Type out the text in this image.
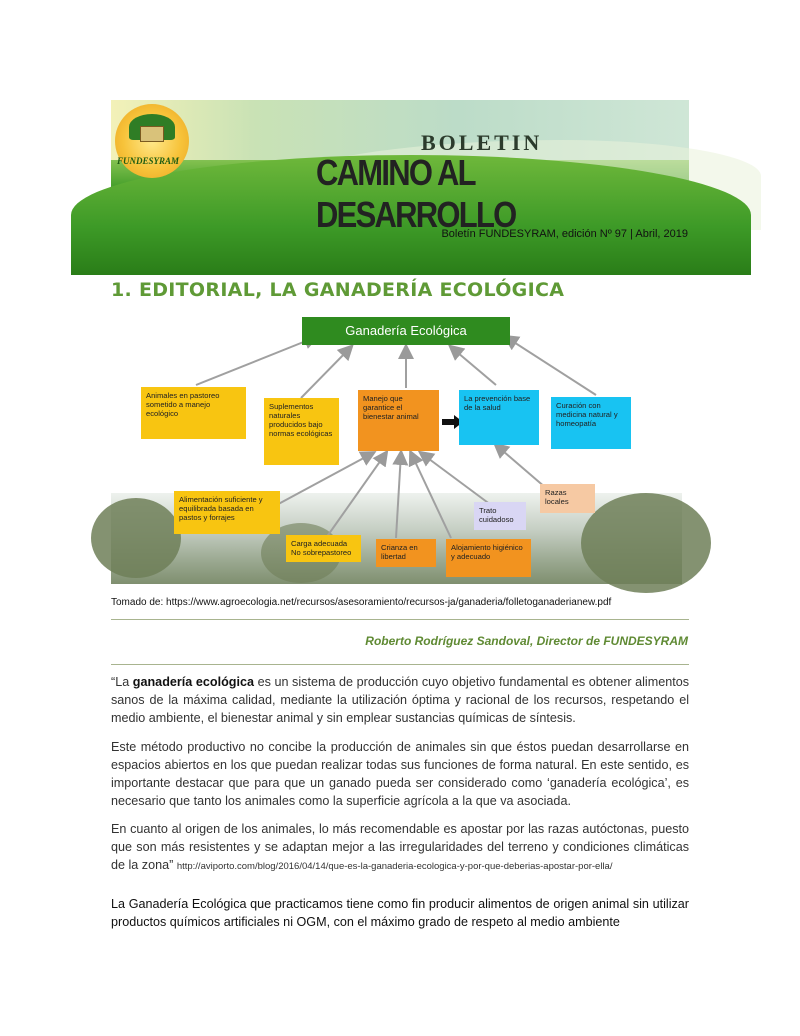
FUNDESYRAM
BOLETIN
CAMINO AL DESARROLLO
Boletín FUNDESYRAM, edición Nº 97 | Abril, 2019
1. EDITORIAL, LA GANADERÍA ECOLÓGICA
Ganadería Ecológica
Animales en pastoreo sometido a manejo ecológico
Suplementos naturales producidos bajo normas ecológicas
Manejo que garantice el bienestar animal
La prevención base de la salud	Curación con medicina natural y homeopatía
Alimentación suficiente y equilibrada basada en pastos y forrajes
Carga adecuada No sobrepastoreo
Crianza en libertad
Alojamiento higiénico y adecuado
Trato cuidadoso
Razas locales
Tomado de: https://www.agroecologia.net/recursos/asesoramiento/recursos-ja/ganaderia/folletoganaderianew.pdf
Roberto Rodríguez Sandoval, Director de FUNDESYRAM
“La ganadería ecológica es un sistema de producción cuyo objetivo fundamental es obtener alimentos sanos de la máxima calidad, mediante la utilización óptima y racional de los recursos, respetando el medio ambiente, el bienestar animal y sin emplear sustancias químicas de síntesis.
Este método productivo no concibe la producción de animales sin que éstos puedan desarrollarse en espacios abiertos en los que puedan realizar todas sus funciones de forma natural. En este sentido, es importante destacar que para que un ganado pueda ser considerado como ‘ganadería ecológica’, es necesario que tanto los animales como la superficie agrícola a la que va asociada.
En cuanto al origen de los animales, lo más recomendable es apostar por las razas autóctonas, puesto que son más resistentes y se adaptan mejor a las irregularidades del terreno y condiciones climáticas de la zona” http://aviporto.com/blog/2016/04/14/que-es-la-ganaderia-ecologica-y-por-que-deberias-apostar-por-ella/
La Ganadería Ecológica que practicamos tiene como fin producir alimentos de origen animal sin utilizar productos químicos artificiales ni OGM, con el máximo grado de respeto al medio ambiente
